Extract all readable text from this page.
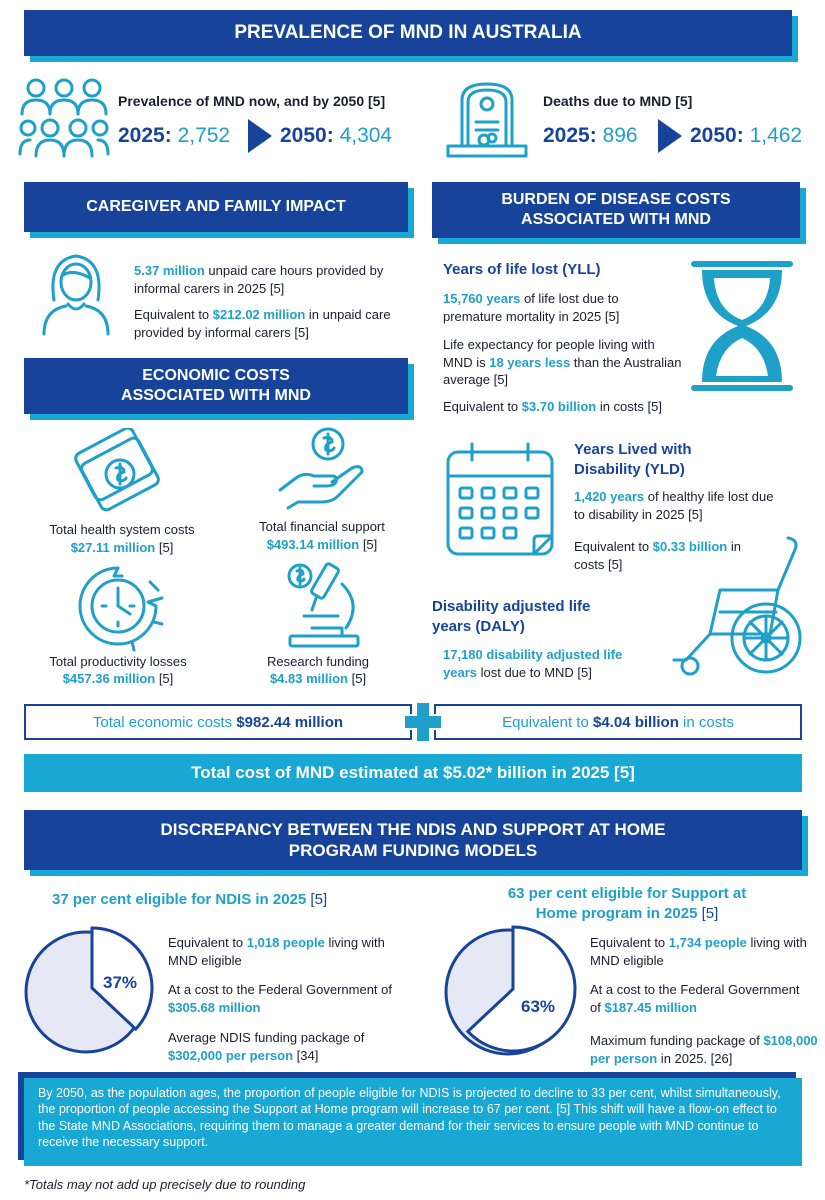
PREVALENCE OF MND IN AUSTRALIA
Prevalence of MND now, and by 2050 [5]
2025: 2,752 2050: 4,304
Deaths due to MND [5]
2025: 896 2050: 1,462
CAREGIVER AND FAMILY IMPACT
5.37 million unpaid care hours provided by informal carers in 2025 [5]
Equivalent to $212.02 million in unpaid care provided by informal carers [5]
BURDEN OF DISEASE COSTS
ASSOCIATED WITH MND
Years of life lost (YLL)
15,760 years of life lost due to premature mortality in 2025 [5]
Life expectancy for people living with MND is 18 years less than the Australian average [5]
Equivalent to $3.70 billion in costs [5]
Years Lived with
Disability (YLD)
1,420 years of healthy life lost due to disability in 2025 [5]
Equivalent to $0.33 billion in costs [5]
Disability adjusted life
years (DALY)
17,180 disability adjusted life years lost due to MND [5]
ECONOMIC COSTS
ASSOCIATED WITH MND
Total health system costs
$27.11 million [5]
Total financial support
$493.14 million [5]
Total productivity losses
$457.36 million [5]
Research funding
$4.83 million [5]
Total economic costs $982.44 million	Equivalent to $4.04 billion in costs
Total cost of MND estimated at $5.02* billion in 2025 [5]
DISCREPANCY BETWEEN THE NDIS AND SUPPORT AT HOME
PROGRAM FUNDING MODELS
37 per cent eligible for NDIS in 2025 [5]
37%
Equivalent to 1,018 people living with MND eligible
At a cost to the Federal Government of $305.68 million
Average NDIS funding package of $302,000 per person [34]
63 per cent eligible for Support at
Home program in 2025 [5]
63%
Equivalent to 1,734 people living with MND eligible
At a cost to the Federal Government of $187.45 million
Maximum funding package of $108,000 per person in 2025. [26]
By 2050, as the population ages, the proportion of people eligible for NDIS is projected to decline to 33 per cent, whilst simultaneously, the proportion of people accessing the Support at Home program will increase to 67 per cent. [5] This shift will have a flow-on effect to the State MND Associations, requiring them to manage a greater demand for their services to ensure people with MND continue to receive the necessary support.
*Totals may not add up precisely due to rounding
